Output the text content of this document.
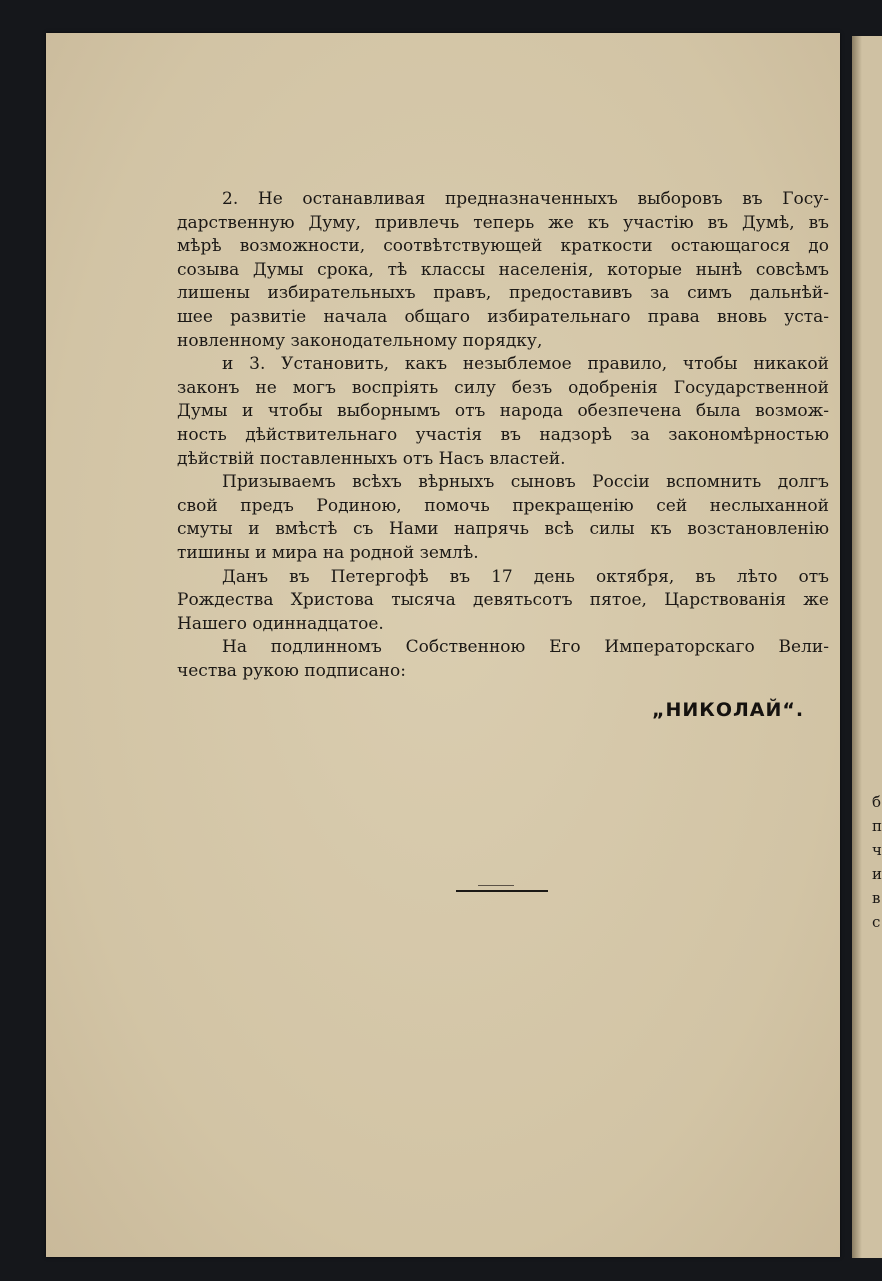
б
п
ч
и
в
с
2. Не останавливая предназначенныхъ выборовъ въ Госу-
дарственную Думу, привлечь теперь же къ участію въ Думѣ, въ
мѣрѣ возможности, соотвѣтствующей краткости остающагося до
созыва Думы срока, тѣ классы населенія, которые нынѣ совсѣмъ
лишены избирательныхъ правъ, предоставивъ за симъ дальнѣй-
шее развитіе начала общаго избирательнаго права вновь уста-
новленному законодательному порядку,
и 3. Установить, какъ незыблемое правило, чтобы никакой
законъ не могъ воспріять силу безъ одобренія Государственной
Думы и чтобы выборнымъ отъ народа обезпечена была возмож-
ность дѣйствительнаго участія въ надзорѣ за закономѣрностью
дѣйствій поставленныхъ отъ Насъ властей.
Призываемъ всѣхъ вѣрныхъ сыновъ Россіи вспомнить долгъ
свой предъ Родиною, помочь прекращенію сей неслыханной
смуты и вмѣстѣ съ Нами напрячь всѣ силы къ возстановленію
тишины и мира на родной землѣ.
Данъ въ Петергофѣ въ 17 день октября, въ лѣто отъ
Рождества Христова тысяча девятьсотъ пятое, Царствованія же
Нашего одиннадцатое.
На подлинномъ Собственною Его Императорскаго Вели-
чества рукою подписано:
„НИКОЛАЙ“.
